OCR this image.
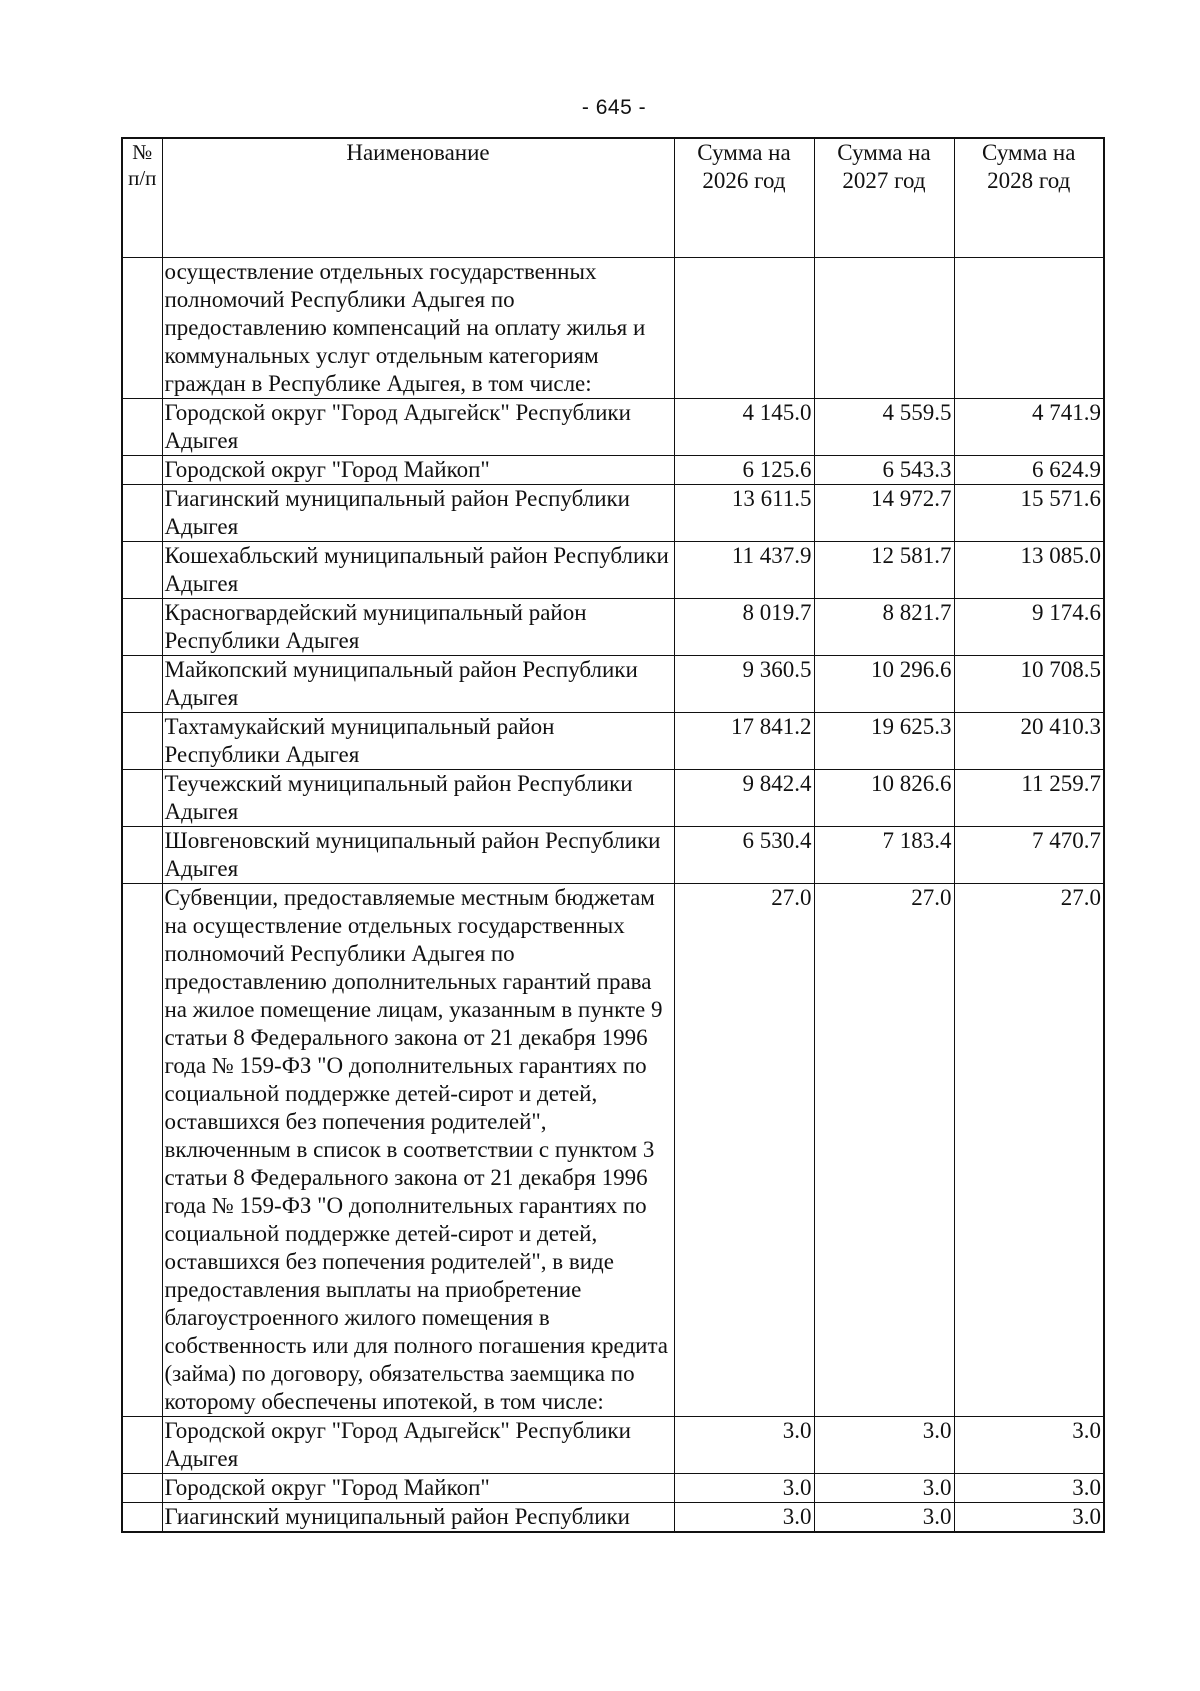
- 645 -
№ п/п	Наименование	Сумма на 2026 год	Сумма на 2027 год	Сумма на 2028 год
	осуществление отдельных государственных полномочий Республики Адыгея по предоставлению компенсаций на оплату жилья и коммунальных услуг отдельным категориям граждан в Республике Адыгея, в том числе:			
	Городской округ "Город Адыгейск" Республики Адыгея	4 145.0	4 559.5	4 741.9
	Городской округ "Город Майкоп"	6 125.6	6 543.3	6 624.9
	Гиагинский муниципальный район Республики Адыгея	13 611.5	14 972.7	15 571.6
	Кошехабльский муниципальный район Республики Адыгея	11 437.9	12 581.7	13 085.0
	Красногвардейский муниципальный район Республики Адыгея	8 019.7	8 821.7	9 174.6
	Майкопский муниципальный район Республики Адыгея	9 360.5	10 296.6	10 708.5
	Тахтамукайский муниципальный район Республики Адыгея	17 841.2	19 625.3	20 410.3
	Теучежский муниципальный район Республики Адыгея	9 842.4	10 826.6	11 259.7
	Шовгеновский муниципальный район Республики Адыгея	6 530.4	7 183.4	7 470.7
	Субвенции, предоставляемые местным бюджетам на осуществление отдельных государственных полномочий Республики Адыгея по предоставлению дополнительных гарантий права на жилое помещение лицам, указанным в пункте 9 статьи 8 Федерального закона от 21 декабря 1996 года № 159-ФЗ "О дополнительных гарантиях по социальной поддержке детей-сирот и детей, оставшихся без попечения родителей", включенным в список в соответствии с пунктом 3 статьи 8 Федерального закона от 21 декабря 1996 года № 159-ФЗ "О дополнительных гарантиях по социальной поддержке детей-сирот и детей, оставшихся без попечения родителей", в виде предоставления выплаты на приобретение благоустроенного жилого помещения в собственность или для полного погашения кредита (займа) по договору, обязательства заемщика по которому обеспечены ипотекой, в том числе:	27.0	27.0	27.0
	Городской округ "Город Адыгейск" Республики Адыгея	3.0	3.0	3.0
	Городской округ "Город Майкоп"	3.0	3.0	3.0
	Гиагинский муниципальный район Республики	3.0	3.0	3.0
